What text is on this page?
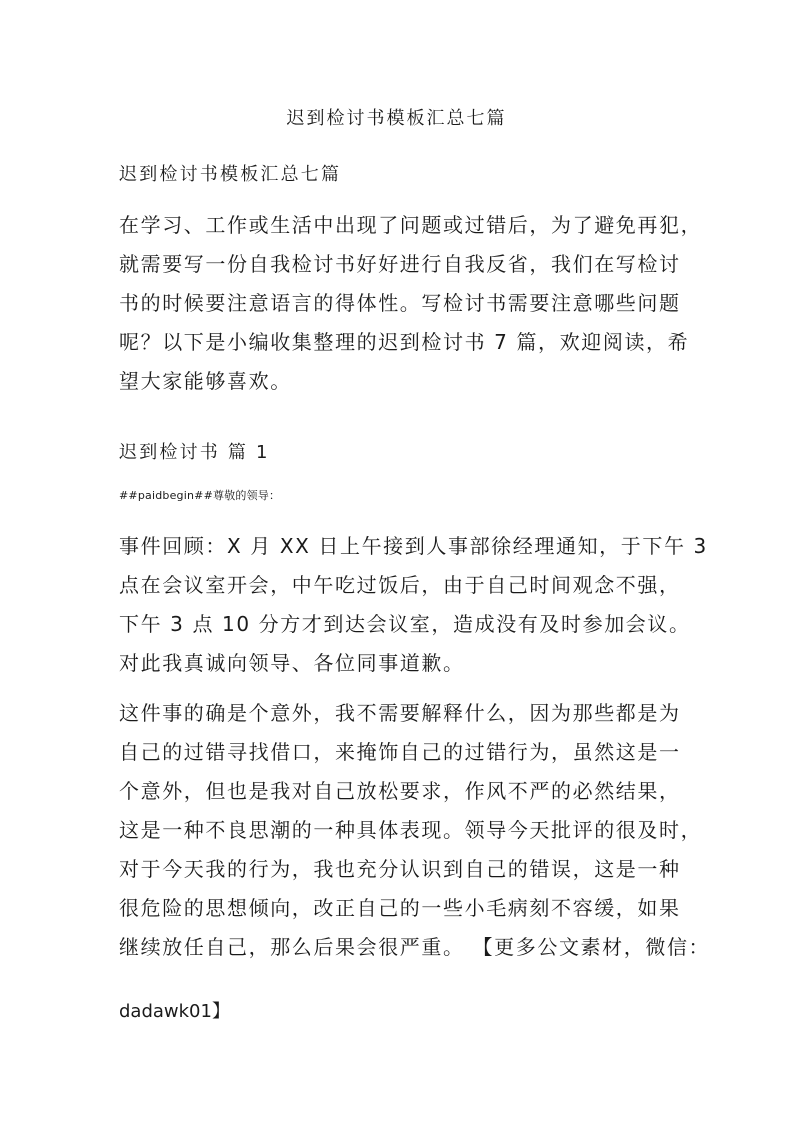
迟到检讨书模板汇总七篇
迟到检讨书模板汇总七篇
在学习、工作或生活中出现了问题或过错后，为了避免再犯，
就需要写一份自我检讨书好好进行自我反省，我们在写检讨
书的时候要注意语言的得体性。写检讨书需要注意哪些问题
呢？以下是小编收集整理的迟到检讨书 7 篇，欢迎阅读，希
望大家能够喜欢。
迟到检讨书 篇 1
##paidbegin##尊敬的领导：
事件回顾：X 月 XX 日上午接到人事部徐经理通知，于下午 3
点在会议室开会，中午吃过饭后，由于自己时间观念不强，
下午 3 点 10 分方才到达会议室，造成没有及时参加会议。
对此我真诚向领导、各位同事道歉。
这件事的确是个意外，我不需要解释什么，因为那些都是为
自己的过错寻找借口，来掩饰自己的过错行为，虽然这是一
个意外，但也是我对自己放松要求，作风不严的必然结果，
这是一种不良思潮的一种具体表现。领导今天批评的很及时，
对于今天我的行为，我也充分认识到自己的错误，这是一种
很危险的思想倾向，改正自己的一些小毛病刻不容缓，如果
继续放任自己，那么后果会很严重。 【更多公文素材，微信：
dadawk01】
